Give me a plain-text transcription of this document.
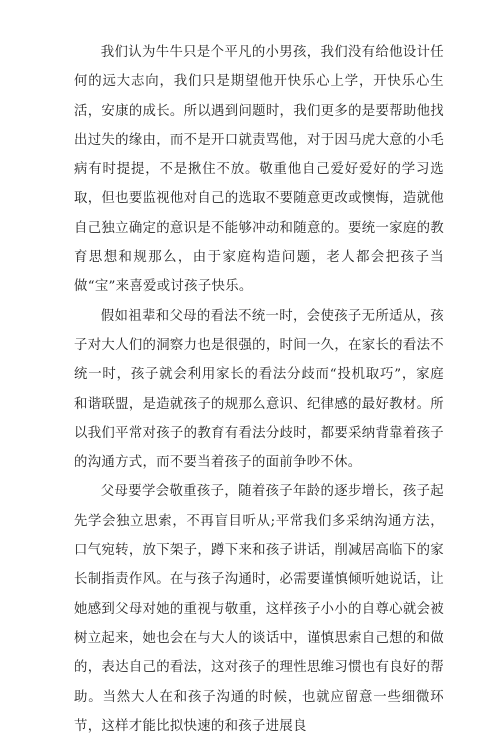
我们认为牛牛只是个平凡的小男孩，我们没有给他设计任何的远大志向，我们只是期望他开快乐心上学，开快乐心生活，安康的成长。所以遇到问题时，我们更多的是要帮助他找出过失的缘由，而不是开口就责骂他，对于因马虎大意的小毛病有时提提，不是揪住不放。敬重他自己爱好爱好的学习选取，但也要监视他对自己的选取不要随意更改或懊悔，造就他自己独立确定的意识是不能够冲动和随意的。要统一家庭的教育思想和规那么，由于家庭构造问题，老人都会把孩子当做“宝”来喜爱或讨孩子快乐。

假如祖辈和父母的看法不统一时，会使孩子无所适从，孩子对大人们的洞察力也是很强的，时间一久，在家长的看法不统一时，孩子就会利用家长的看法分歧而“投机取巧”，家庭和谐联盟，是造就孩子的规那么意识、纪律感的最好教材。所以我们平常对孩子的教育有看法分歧时，都要采纳背靠着孩子的沟通方式，而不要当着孩子的面前争吵不休。

父母要学会敬重孩子，随着孩子年龄的逐步增长，孩子起先学会独立思索，不再盲目听从;平常我们多采纳沟通方法，口气宛转，放下架子，蹲下来和孩子讲话，削减居高临下的家长制指责作风。在与孩子沟通时，必需要谨慎倾听她说话，让她感到父母对她的重视与敬重，这样孩子小小的自尊心就会被树立起来，她也会在与大人的谈话中，谨慎思索自己想的和做的，表达自己的看法，这对孩子的理性思维习惯也有良好的帮助。当然大人在和孩子沟通的时候，也就应留意一些细微环节，这样才能比拟快速的和孩子进展良
